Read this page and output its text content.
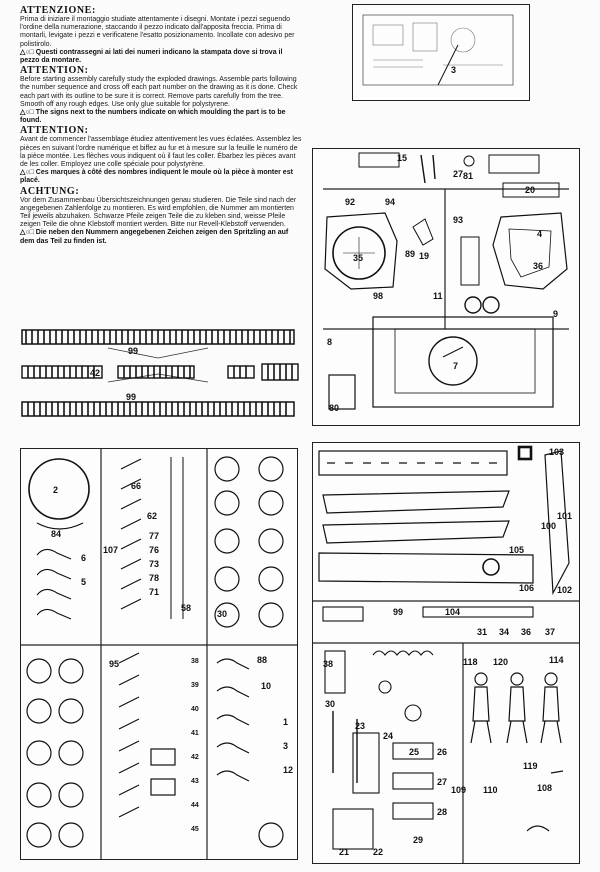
ATTENZIONE:
Prima di iniziare il montaggio studiate attentamente i disegni. Montate i pezzi seguendo l'ordine della numerazione, staccando il pezzo indicato dall'apposita freccia. Prima di montarli, levigate i pezzi e verificatene l'esatto posizionamento. Incollate con adesivo per polistirolo.
△○□ Questi contrassegni ai lati dei numeri indicano la stampata dove si trova il pezzo da montare.
ATTENTION:
Before starting assembly carefully study the exploded drawings. Assemble parts following the number sequence and cross off each part number on the drawing as it is done. Check each part with its outline to be sure it is correct. Remove parts carefully from the tree. Smooth off any rough edges. Use only glue suitable for polystyrene.
△○□ The signs next to the numbers indicate on which moulding the part is to be found.
ATTENTION:
Avant de commencer l'assemblage étudiez attentivement les vues éclatées. Assemblez les pièces en suivant l'ordre numérique et biffez au fur et à mesure sur la feuille le numéro de la pièce montée. Les flèches vous indiquent où il faut les coller. Ébarbez les pièces avant de les coller. Employez une colle spéciale pour polystyrène.
△○□ Ces marques à côté des nombres indiquent le moule où la pièce à monter est placé.
ACHTUNG:
Vor dem Zusammenbau Übersichtszeichnungen genau studieren. Die Teile sind nach der angegebenen Zahlenfolge zu montieren. Es wird empfohlen, die Nummer am montierten Teil jeweils abzuhaken. Schwarze Pfeile zeigen Teile die zu kleben sind, weisse Pfeile zeigen Teile die ohne Klebstoff montiert werden. Bitte nur Revell-Klebstoff verwenden.
△○□ Die neben den Nummern angegebenen Zeichen zeigen den Spritzling an auf dem das Teil zu finden ist.
99
42
99
3
15
27
92	94
81
20
19
93
89
8
9
7
4
35
36
11
98
80
2
84
6
5
107
77
76
73
78
71
62
58
66
95	38
39
40
41
42
43
44
45
30
88
10
1
3
12
103
101
100
105
106	102
104
99
31 34 36 37
38	114
118 120
119
109 110	108
30
23
24
25 26
27
28
29
21	22
